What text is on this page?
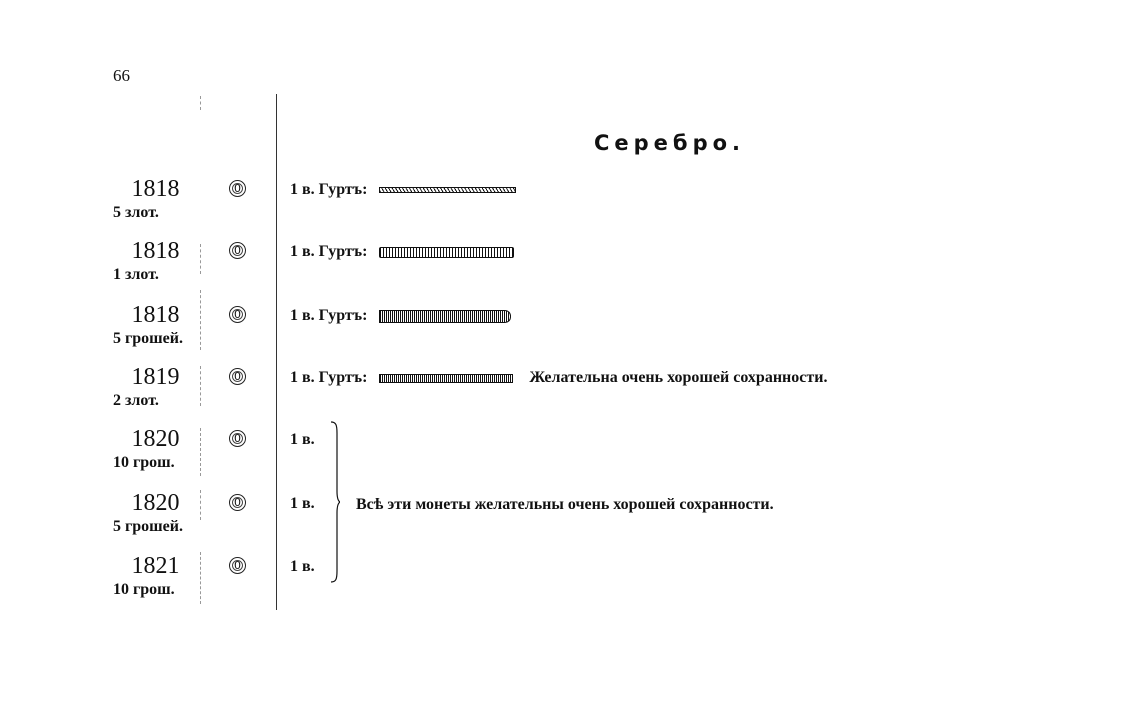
66
Серебро.
1818
5 злот.
0	1 в. Гуртъ:
1818
1 злот.
0	1 в. Гуртъ:
1818
5 грошей.
0	1 в. Гуртъ:
1819
2 злот.
0	1 в. Гуртъ:	Желательна очень хорошей сохранности.
1820
10 грош.
0	1 в.
1820
5 грошей.
0	1 в.
1821
10 грош.
0	1 в.
Всѣ эти монеты желательны очень хорошей сохранности.
